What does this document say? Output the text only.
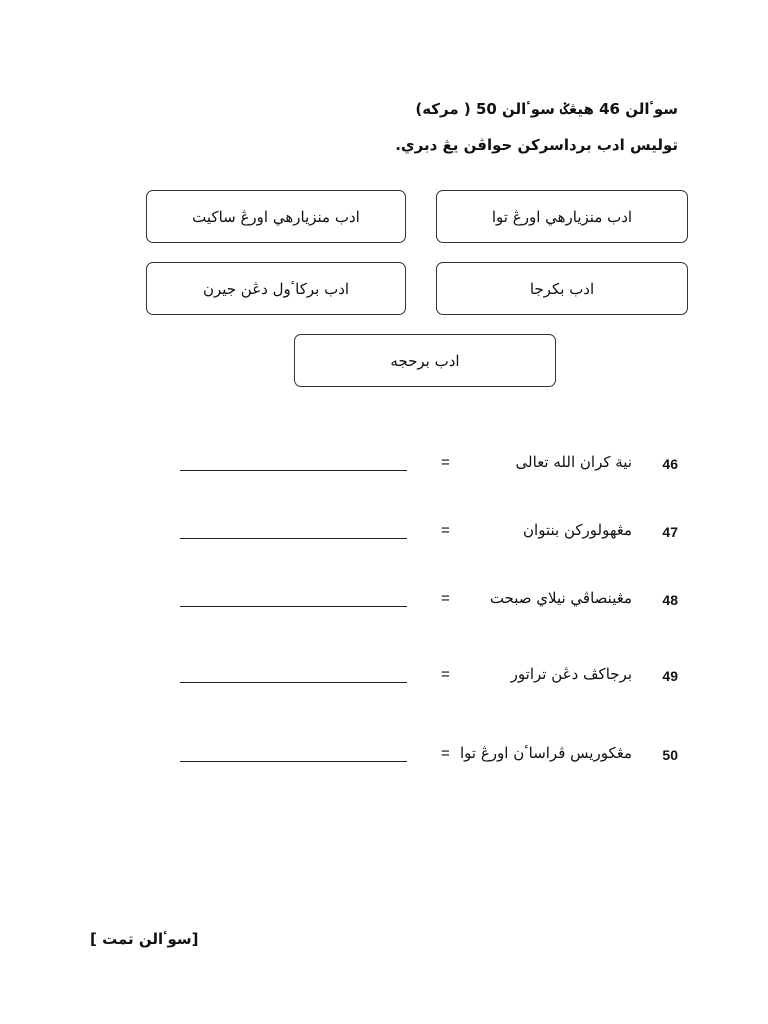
سوٴالن 46 هيڠݢ سوٴالن 50 ( مرکه)
توليس ادب برداسرکن حواڤن يڠ دبري.
ادب منزيارهي اورڠ توا
ادب منزيارهي اورڠ ساکيت
ادب بکرجا
ادب برکاٴول دڠن جيرن
ادب برحجه
46
نية کران الله تعالى
=
47
مڠهولورکن بنتوان
=
48
مڠينصاڤي نيلاي صبحت
=
49
برجاکڤ دڠن تراتور
=
50
مڠکوريس ڤراساٴن اورڠ توا
=
[سوٴالن تمت ]
